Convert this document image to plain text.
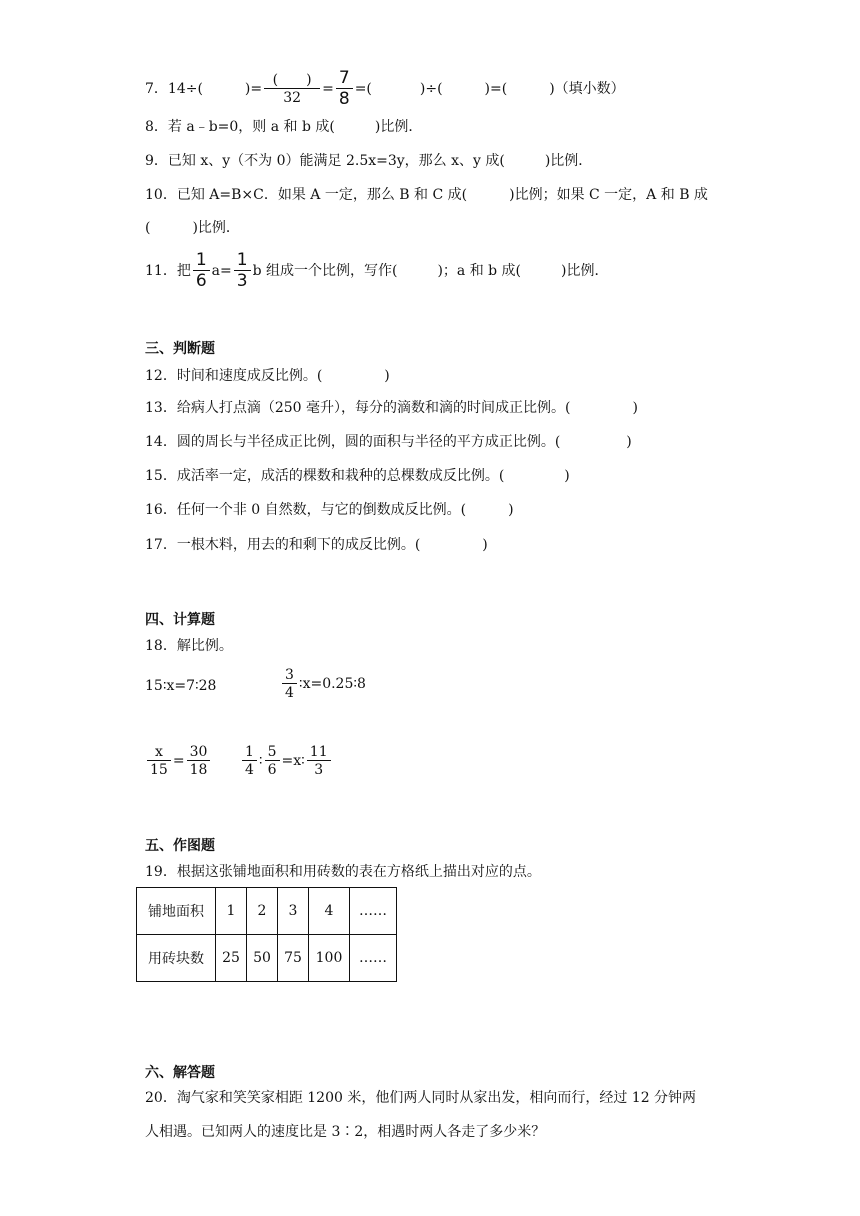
7．14÷(	)= $\frac{( )}{32} = \frac{7}{8}$ =(	)÷(	)=(	)（填小数）
8．若 a﹣b=0，则 a 和 b 成(	)比例．
9．已知 x、y（不为 0）能满足 2.5x=3y，那么 x、y 成(	)比例．
10．已知 A=B×C．如果 A 一定，那么 B 和 C 成(	)比例；如果 C 一定，A 和 B 成
(	)比例．
11．把 $\frac{1}{6} a= \frac{1}{3}$ b 组成一个比例，写作(	)；a 和 b 成(	)比例．
三、判断题
12．时间和速度成反比例。(	)
13．给病人打点滴（250 毫升），每分的滴数和滴的时间成正比例。(	)
14．圆的周长与半径成正比例，圆的面积与半径的平方成正比例。(	)
15．成活率一定，成活的棵数和栽种的总棵数成反比例。(	)
16．任何一个非 0 自然数，与它的倒数成反比例。(	)
17．一根木料，用去的和剩下的成反比例。(	)
四、计算题
18．解比例。
15∶x=7∶28	$\frac{3}{4}$ ∶x=0.25∶8
$\frac{x}{15} = \frac{30}{18} \frac{1}{4}$ ∶ $\frac{5}{6}$ =x∶ $\frac{11}{3}$
五、作图题
19．根据这张铺地面积和用砖数的表在方格纸上描出对应的点。
铺地面积	1	2	3	4	……
用砖块数	25	50	75	100	……
六、解答题
20．淘气家和笑笑家相距 1200 米，他们两人同时从家出发，相向而行，经过 12 分钟两
人相遇。已知两人的速度比是 3∶2，相遇时两人各走了多少米？
